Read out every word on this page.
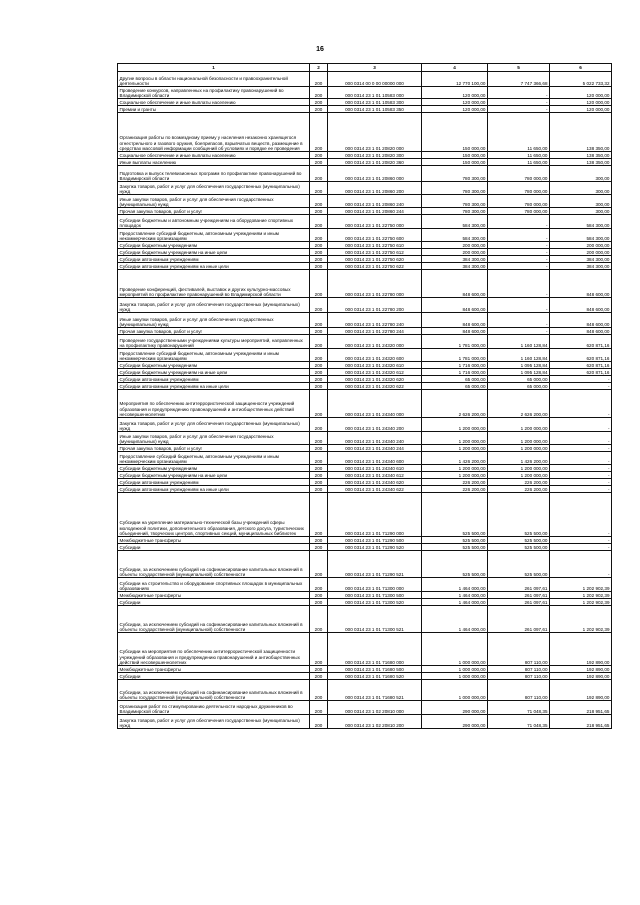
16
1	2	3	4	5	6
Другие вопросы в области национальной безопасности и правоохранительной деятельности	200	000 0314 00 0 00 00000 000	12 770 100,00	7 747 366,68	5 022 733,32
Проведение конкурсов, направленных на профилактику правонарушений во Владимирской области	200	000 0314 23 1 01 10583 000	120 000,00	-	120 000,00
Социальное обеспечение и иные выплаты населению	200	000 0314 23 1 01 10583 300	120 000,00	-	120 000,00
Премии и гранты	200	000 0314 23 1 01 10583 350	120 000,00	-	120 000,00
Организация работы по возмездному приему у населения незаконно хранящегося огнестрельного и газового оружия, боеприпасов, взрывчатых веществ, размещение в средствах массовой информации сообщений об условиях и порядке ее проведения	200	000 0314 23 1 01 20820 000	150 000,00	11 650,00	138 350,00
Социальное обеспечение и иные выплаты населению	200	000 0314 23 1 01 20820 300	150 000,00	11 650,00	138 350,00
Иные выплаты населению	200	000 0314 23 1 01 20820 360	150 000,00	11 650,00	138 350,00
Подготовка и выпуск телевизионных программ по профилактике правонарушений во Владимирской области	200	000 0314 23 1 01 20860 000	780 300,00	780 000,00	300,00
Закупка товаров, работ и услуг для обеспечения государственных (муниципальных) нужд	200	000 0314 23 1 01 20860 200	780 300,00	780 000,00	300,00
Иные закупки товаров, работ и услуг для обеспечения государственных (муниципальных) нужд	200	000 0314 23 1 01 20860 240	780 300,00	780 000,00	300,00
Прочая закупка товаров, работ и услуг	200	000 0314 23 1 01 20860 244	780 300,00	780 000,00	300,00
Субсидии бюджетным и автономным учреждениям на оборудование спортивных площадок	200	000 0314 23 1 01 22750 000	584 300,00	-	584 300,00
Предоставление субсидий бюджетным, автономным учреждениям и иным некоммерческим организациям	200	000 0314 23 1 01 22750 600	584 300,00	-	584 300,00
Субсидии бюджетным учреждениям	200	000 0314 23 1 01 22750 610	200 000,00	-	200 000,00
Субсидии бюджетным учреждениям на иные цели	200	000 0314 23 1 01 22750 612	200 000,00	-	200 000,00
Субсидии автономным учреждениям	200	000 0314 23 1 01 22750 620	384 300,00	-	384 300,00
Субсидии автономным учреждениям на иные цели	200	000 0314 23 1 01 22750 622	384 300,00	-	384 300,00
Проведение конференций, фестивалей, выставок и других культурно-массовых мероприятий по профилактике правонарушений во Владимирской области	200	000 0314 23 1 01 22780 000	848 600,00	-	848 600,00
Закупка товаров, работ и услуг для обеспечения государственных (муниципальных) нужд	200	000 0314 23 1 01 22780 200	848 600,00	-	848 600,00
Иные закупки товаров, работ и услуг для обеспечения государственных (муниципальных) нужд	200	000 0314 23 1 01 22780 240	848 600,00	-	848 600,00
Прочая закупка товаров, работ и услуг	200	000 0314 23 1 01 22780 244	848 600,00	-	848 600,00
Проведение государственными учреждениями культуры мероприятий, направленных на профилактику правонарушений	200	000 0314 23 1 01 24320 000	1 781 000,00	1 160 128,84	620 871,16
Предоставление субсидий бюджетным, автономным учреждениям и иным некоммерческим организациям	200	000 0314 23 1 01 24320 600	1 781 000,00	1 160 128,84	620 871,16
Субсидии бюджетным учреждениям	200	000 0314 23 1 01 24320 610	1 716 000,00	1 095 128,84	620 871,16
Субсидии бюджетным учреждениям на иные цели	200	000 0314 23 1 01 24320 612	1 716 000,00	1 095 128,84	620 871,16
Субсидии автономным учреждениям	200	000 0314 23 1 01 24320 620	65 000,00	65 000,00	-
Субсидии автономным учреждениям на иные цели	200	000 0314 23 1 01 24320 622	65 000,00	65 000,00	-
Мероприятия по обеспечению антитеррористической защищенности учреждений образования и предупреждению правонарушений и антиобщественных действий несовершеннолетних	200	000 0314 23 1 01 24340 000	2 626 200,00	2 626 200,00	-
Закупка товаров, работ и услуг для обеспечения государственных (муниципальных) нужд	200	000 0314 23 1 01 24340 200	1 200 000,00	1 200 000,00	-
Иные закупки товаров, работ и услуг для обеспечения государственных (муниципальных) нужд	200	000 0314 23 1 01 24340 240	1 200 000,00	1 200 000,00	-
Прочая закупка товаров, работ и услуг	200	000 0314 23 1 01 24340 244	1 200 000,00	1 200 000,00	-
Предоставление субсидий бюджетным, автономным учреждениям и иным некоммерческим организациям	200	000 0314 23 1 01 24340 600	1 426 200,00	1 426 200,00	-
Субсидии бюджетным учреждениям	200	000 0314 23 1 01 24340 610	1 200 000,00	1 200 000,00	-
Субсидии бюджетным учреждениям на иные цели	200	000 0314 23 1 01 24340 612	1 200 000,00	1 200 000,00	-
Субсидии автономным учреждениям	200	000 0314 23 1 01 24340 620	226 200,00	226 200,00	-
Субсидии автономным учреждениям на иные цели	200	000 0314 23 1 01 24340 622	226 200,00	226 200,00	-
Субсидии на укрепление материально-технической базы учреждений сферы молодежной политики, дополнительного образования, детского досуга, туристических объединений, творческих центров, спортивных секций, муниципальных библиотек	200	000 0314 23 1 01 71290 000	525 500,00	525 500,00	-
Межбюджетные трансферты	200	000 0314 23 1 01 71290 500	525 500,00	525 500,00	-
Субсидии	200	000 0314 23 1 01 71290 520	525 500,00	525 500,00	-
Субсидии, за исключением субсидий на софинансирование капитальных вложений в объекты государственной (муниципальной) собственности	200	000 0314 23 1 01 71290 521	525 500,00	525 500,00	-
Субсидии на строительство и оборудование спортивных площадок в муниципальных образованиях	200	000 0314 23 1 01 71300 000	1 464 000,00	261 097,61	1 202 902,39
Межбюджетные трансферты	200	000 0314 23 1 01 71300 500	1 464 000,00	261 097,61	1 202 902,39
Субсидии	200	000 0314 23 1 01 71300 520	1 464 000,00	261 097,61	1 202 902,39
Субсидии, за исключением субсидий на софинансирование капитальных вложений в объекты государственной (муниципальной) собственности	200	000 0314 23 1 01 71300 521	1 464 000,00	261 097,61	1 202 902,39
Субсидии на мероприятия по обеспечению антитеррористической защищенности учреждений образования и предупреждению правонарушений и антиобщественных действий несовершеннолетних	200	000 0314 23 1 01 71680 000	1 000 000,00	807 110,00	192 890,00
Межбюджетные трансферты	200	000 0314 23 1 01 71680 500	1 000 000,00	807 110,00	192 890,00
Субсидии	200	000 0314 23 1 01 71680 520	1 000 000,00	807 110,00	192 890,00
Субсидии, за исключением субсидий на софинансирование капитальных вложений в объекты государственной (муниципальной) собственности	200	000 0314 23 1 01 71680 521	1 000 000,00	807 110,00	192 890,00
Организация работ по стимулированию деятельности народных дружинников во Владимирской области	200	000 0314 23 1 02 20810 000	290 000,00	71 048,35	218 951,65
Закупка товаров, работ и услуг для обеспечения государственных (муниципальных) нужд	200	000 0314 23 1 02 20810 200	290 000,00	71 048,35	218 951,65
